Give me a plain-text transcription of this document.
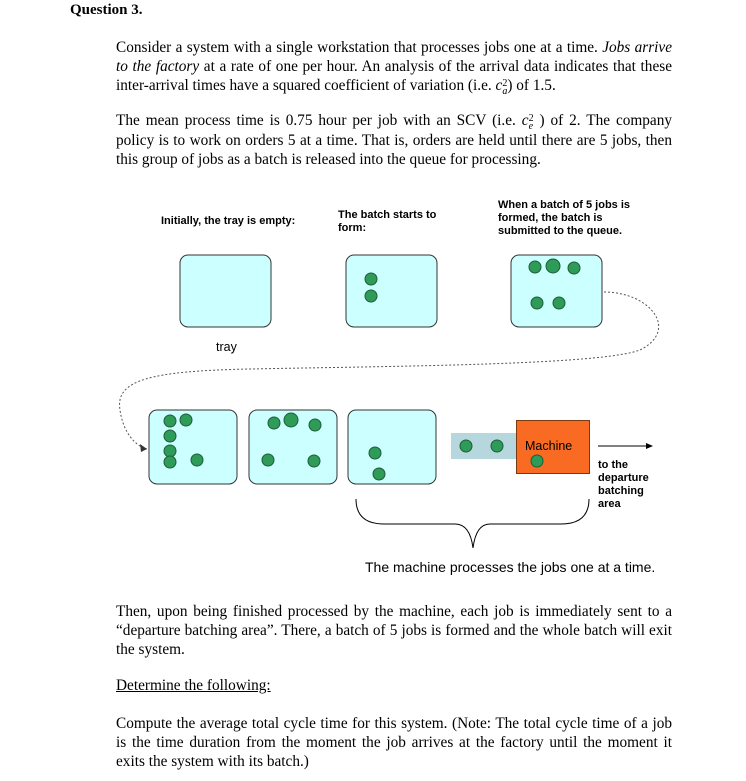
Question 3.

Consider a system with a single workstation that processes jobs one at a time. Jobs arrive to the factory at a rate of one per hour. An analysis of the arrival data indicates that these inter-arrival times have a squared coefficient of variation (i.e. c2
a) of 1.5.

The mean process time is 0.75 hour per job with an SCV (i.e. c2
e ) of 2. The company policy is to work on orders 5 at a time. That is, orders are held until there are 5 jobs, then this group of jobs as a batch is released into the queue for processing.

Machine
Initially, the tray is empty:	The batch starts to form:
When a batch of 5 jobs is formed, the batch is submitted to the queue.
tray
to the departure batching area
The machine processes the jobs one at a time.

Then, upon being finished processed by the machine, each job is immediately sent to a “departure batching area”. There, a batch of 5 jobs is formed and the whole batch will exit the system.

Determine the following:

Compute the average total cycle time for this system. (Note: The total cycle time of a job is the time duration from the moment the job arrives at the factory until the moment it exits the system with its batch.)
